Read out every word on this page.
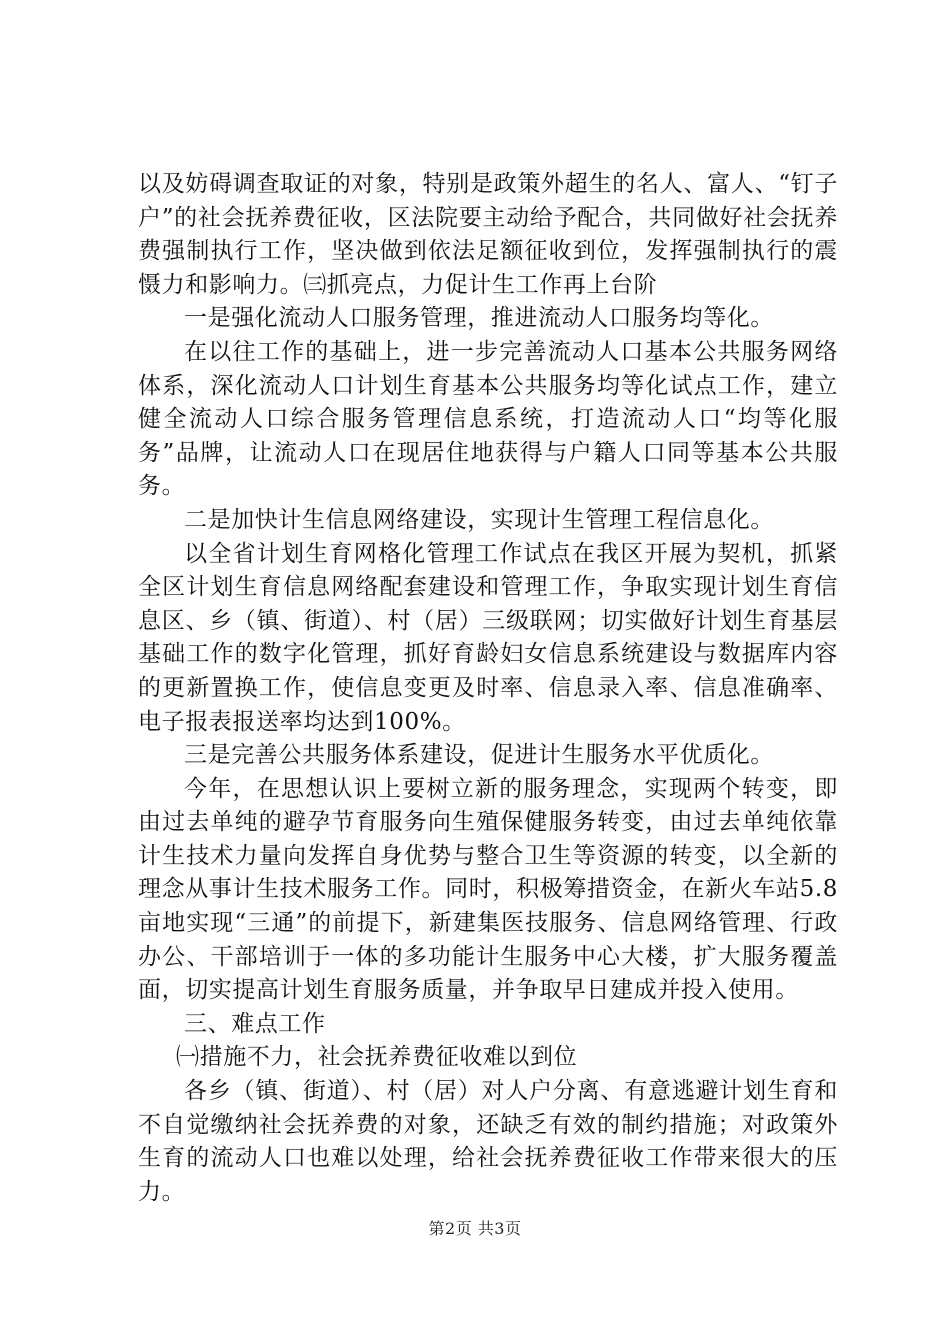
以及妨碍调查取证的对象，特别是政策外超生的名人、富人、“钉子户”的社会抚养费征收，区法院要主动给予配合，共同做好社会抚养费强制执行工作，坚决做到依法足额征收到位，发挥强制执行的震慑力和影响力。㈢抓亮点，力促计生工作再上台阶

一是强化流动人口服务管理，推进流动人口服务均等化。

在以往工作的基础上，进一步完善流动人口基本公共服务网络体系，深化流动人口计划生育基本公共服务均等化试点工作，建立健全流动人口综合服务管理信息系统，打造流动人口“均等化服务”品牌，让流动人口在现居住地获得与户籍人口同等基本公共服务。

二是加快计生信息网络建设，实现计生管理工程信息化。

以全省计划生育网格化管理工作试点在我区开展为契机，抓紧全区计划生育信息网络配套建设和管理工作，争取实现计划生育信息区、乡（镇、街道）、村（居）三级联网；切实做好计划生育基层基础工作的数字化管理，抓好育龄妇女信息系统建设与数据库内容的更新置换工作，使信息变更及时率、信息录入率、信息准确率、电子报表报送率均达到100%。

三是完善公共服务体系建设，促进计生服务水平优质化。

今年，在思想认识上要树立新的服务理念，实现两个转变，即由过去单纯的避孕节育服务向生殖保健服务转变，由过去单纯依靠计生技术力量向发挥自身优势与整合卫生等资源的转变，以全新的理念从事计生技术服务工作。同时，积极筹措资金，在新火车站5.8亩地实现“三通”的前提下，新建集医技服务、信息网络管理、行政办公、干部培训于一体的多功能计生服务中心大楼，扩大服务覆盖面，切实提高计划生育服务质量，并争取早日建成并投入使用。

三、难点工作

㈠措施不力，社会抚养费征收难以到位

各乡（镇、街道）、村（居）对人户分离、有意逃避计划生育和不自觉缴纳社会抚养费的对象，还缺乏有效的制约措施；对政策外生育的流动人口也难以处理，给社会抚养费征收工作带来很大的压力。

第2页 共3页
